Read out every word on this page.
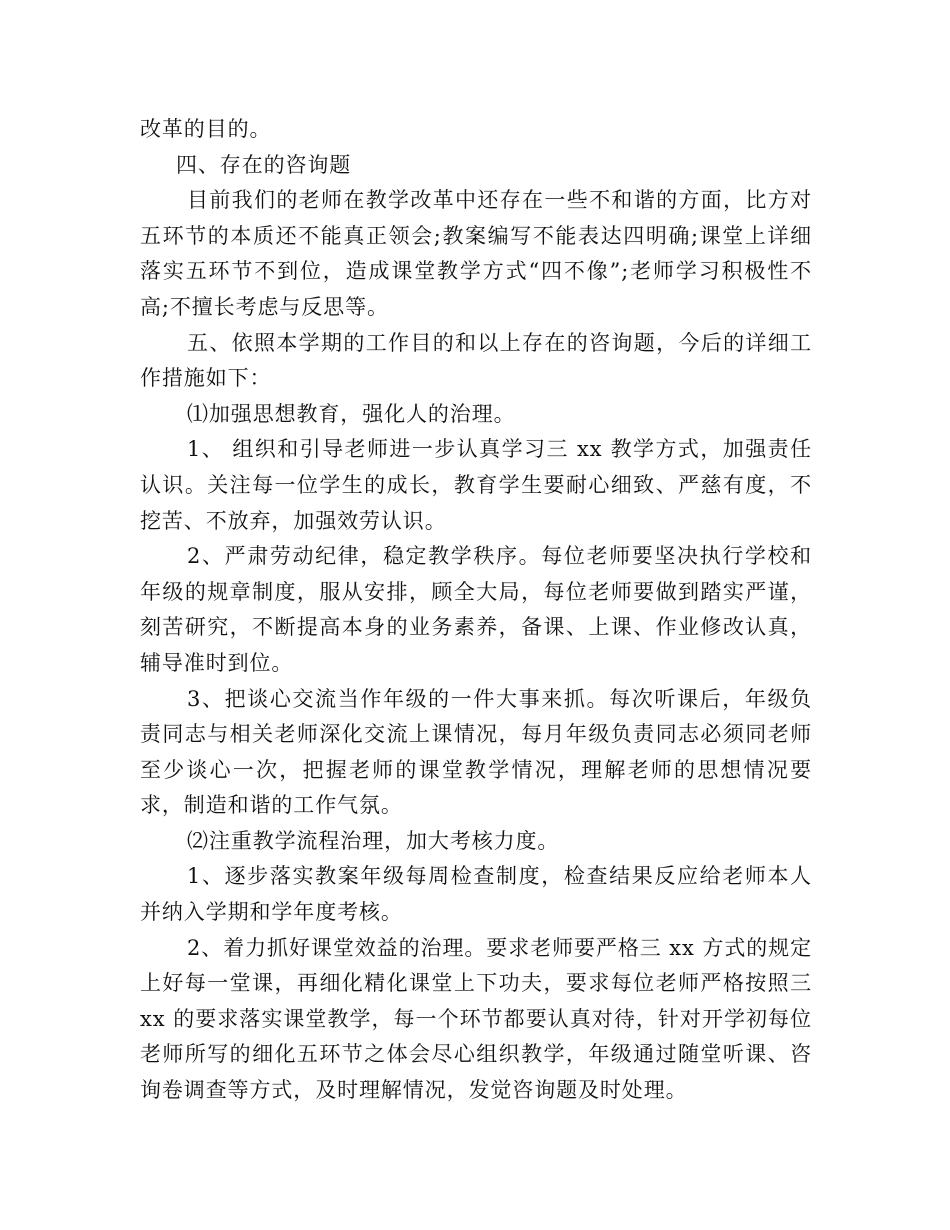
改革的目的。

四、存在的咨询题

目前我们的老师在教学改革中还存在一些不和谐的方面，比方对五环节的本质还不能真正领会;教案编写不能表达四明确;课堂上详细落实五环节不到位，造成课堂教学方式“四不像”;老师学习积极性不高;不擅长考虑与反思等。

五、依照本学期的工作目的和以上存在的咨询题，今后的详细工作措施如下：

⑴加强思想教育，强化人的治理。

1、 组织和引导老师进一步认真学习三 xx 教学方式，加强责任认识。关注每一位学生的成长，教育学生要耐心细致、严慈有度，不挖苦、不放弃，加强效劳认识。

2、严肃劳动纪律，稳定教学秩序。每位老师要坚决执行学校和年级的规章制度，服从安排，顾全大局，每位老师要做到踏实严谨，刻苦研究，不断提高本身的业务素养，备课、上课、作业修改认真，辅导准时到位。

3、把谈心交流当作年级的一件大事来抓。每次听课后，年级负责同志与相关老师深化交流上课情况，每月年级负责同志必须同老师至少谈心一次，把握老师的课堂教学情况，理解老师的思想情况要求，制造和谐的工作气氛。

⑵注重教学流程治理，加大考核力度。

1、逐步落实教案年级每周检查制度，检查结果反应给老师本人并纳入学期和学年度考核。

2、着力抓好课堂效益的治理。要求老师要严格三 xx 方式的规定上好每一堂课，再细化精化课堂上下功夫，要求每位老师严格按照三 xx 的要求落实课堂教学，每一个环节都要认真对待，针对开学初每位老师所写的细化五环节之体会尽心组织教学，年级通过随堂听课、咨询卷调查等方式，及时理解情况，发觉咨询题及时处理。
